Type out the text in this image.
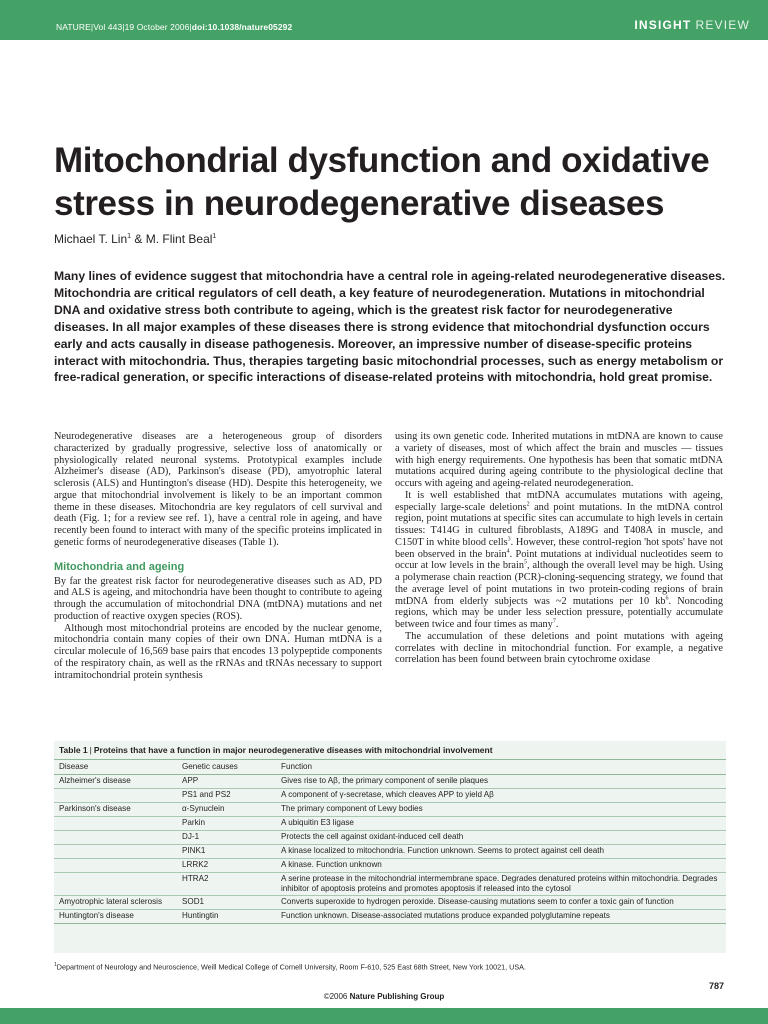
NATURE|Vol 443|19 October 2006|doi:10.1038/nature05292	INSIGHT REVIEW
Mitochondrial dysfunction and oxidative stress in neurodegenerative diseases
Michael T. Lin$^1$ & M. Flint Beal$^1$

Many lines of evidence suggest that mitochondria have a central role in ageing-related neurodegenerative diseases. Mitochondria are critical regulators of cell death, a key feature of neurodegeneration. Mutations in mitochondrial DNA and oxidative stress both contribute to ageing, which is the greatest risk factor for neurodegenerative diseases. In all major examples of these diseases there is strong evidence that mitochondrial dysfunction occurs early and acts causally in disease pathogenesis. Moreover, an impressive number of disease-specific proteins interact with mitochondria. Thus, therapies targeting basic mitochondrial processes, such as energy metabolism or free-radical generation, or specific interactions of disease-related proteins with mitochondria, hold great promise.

Neurodegenerative diseases are a heterogeneous group of disorders characterized by gradually progressive, selective loss of anatomically or physiologically related neuronal systems. Prototypical examples include Alzheimer's disease (AD), Parkinson's disease (PD), amyotrophic lateral sclerosis (ALS) and Huntington's disease (HD). Despite this heterogeneity, we argue that mitochondrial involvement is likely to be an important common theme in these diseases. Mitochondria are key regulators of cell survival and death (Fig. 1; for a review see ref. 1), have a central role in ageing, and have recently been found to interact with many of the specific proteins implicated in genetic forms of neurodegenerative diseases (Table 1).

Mitochondria and ageing

By far the greatest risk factor for neurodegenerative diseases such as AD, PD and ALS is ageing, and mitochondria have been thought to contribute to ageing through the accumulation of mitochondrial DNA (mtDNA) mutations and net production of reactive oxygen species (ROS).

Although most mitochondrial proteins are encoded by the nuclear genome, mitochondria contain many copies of their own DNA. Human mtDNA is a circular molecule of 16,569 base pairs that encodes 13 polypeptide components of the respiratory chain, as well as the rRNAs and tRNAs necessary to support intramitochondrial protein synthesis

using its own genetic code. Inherited mutations in mtDNA are known to cause a variety of diseases, most of which affect the brain and muscles — tissues with high energy requirements. One hypothesis has been that somatic mtDNA mutations acquired during ageing contribute to the physiological decline that occurs with ageing and ageing-related neurodegeneration.

It is well established that mtDNA accumulates mutations with ageing, especially large-scale deletions$^2$ and point mutations. In the mtDNA control region, point mutations at specific sites can accumulate to high levels in certain tissues: T414G in cultured fibroblasts, A189G and T408A in muscle, and C150T in white blood cells$^3$. However, these control-region 'hot spots' have not been observed in the brain$^4$. Point mutations at individual nucleotides seem to occur at low levels in the brain$^5$, although the overall level may be high. Using a polymerase chain reaction (PCR)-cloning-sequencing strategy, we found that the average level of point mutations in two protein-coding regions of brain mtDNA from elderly subjects was ~2 mutations per 10 $kb^6$. Noncoding regions, which may be under less selection pressure, potentially accumulate between twice and four times as many$^7$.

The accumulation of these deletions and point mutations with ageing correlates with decline in mitochondrial function. For example, a negative correlation has been found between brain cytochrome oxidase

Table 1 | Proteins that have a function in major neurodegenerative diseases with mitochondrial involvement
Disease	Genetic causes	Function
Alzheimer's disease	APP	Gives rise to Aβ, the primary component of senile plaques
	PS1 and PS2	A component of γ-secretase, which cleaves APP to yield Aβ
Parkinson's disease	α-Synuclein	The primary component of Lewy bodies
	Parkin	A ubiquitin E3 ligase
	DJ-1	Protects the cell against oxidant-induced cell death
	PINK1	A kinase localized to mitochondria. Function unknown. Seems to protect against cell death
	LRRK2	A kinase. Function unknown
	HTRA2	A serine protease in the mitochondrial intermembrane space. Degrades denatured proteins within mitochondria. Degrades inhibitor of apoptosis proteins and promotes apoptosis if released into the cytosol
Amyotrophic lateral sclerosis	SOD1	Converts superoxide to hydrogen peroxide. Disease-causing mutations seem to confer a toxic gain of function
Huntington's disease	Huntingtin	Function unknown. Disease-associated mutations produce expanded polyglutamine repeats
$^1$Department of Neurology and Neuroscience, Weill Medical College of Cornell University, Room F-610, 525 East 68th Street, New York 10021, USA.
787
©2006 Nature Publishing Group
